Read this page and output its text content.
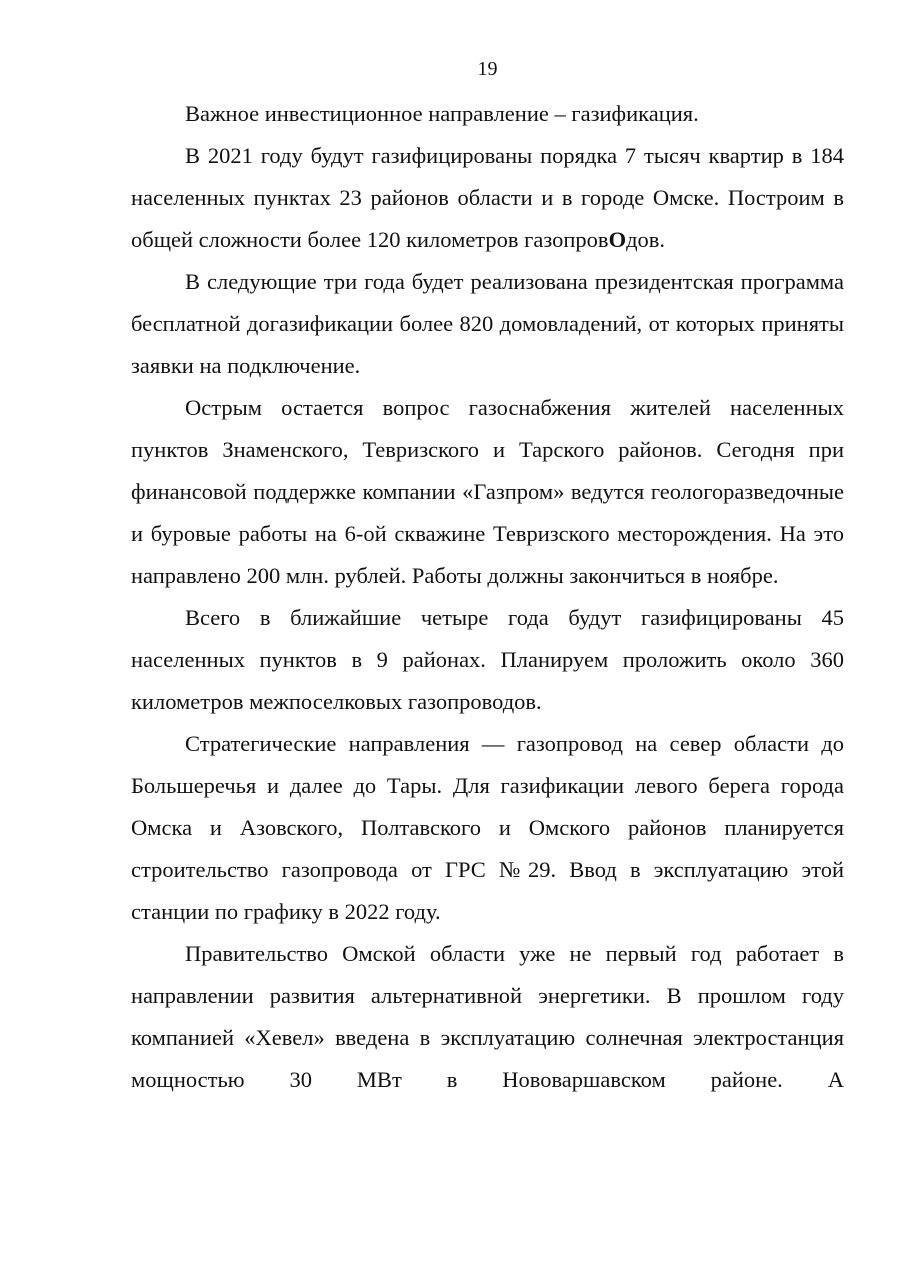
19

Важное инвестиционное направление – газификация.

В 2021 году будут газифицированы порядка 7 тысяч квартир в 184 населенных пунктах 23 районов области и в городе Омске. Построим в общей сложности более 120 километров газопровОдов.

В следующие три года будет реализована президентская программа бесплатной догазификации более 820 домовладений, от которых приняты заявки на подключение.

Острым остается вопрос газоснабжения жителей населенных пунктов Знаменского, Тевризского и Тарского районов. Сегодня при финансовой поддержке компании «Газпром» ведутся геологоразведочные и буровые работы на 6-ой скважине Тевризского месторождения. На это направлено 200 млн. рублей. Работы должны закончиться в ноябре.

Всего в ближайшие четыре года будут газифицированы 45 населенных пунктов в 9 районах. Планируем проложить около 360 километров межпоселковых газопроводов.

Стратегические направления — газопровод на север области до Большеречья и далее до Тары. Для газификации левого берега города Омска и Азовского, Полтавского и Омского районов планируется строительство газопровода от ГРС №29. Ввод в эксплуатацию этой станции по графику в 2022 году.

Правительство Омской области уже не первый год работает в направлении развития альтернативной энергетики. В прошлом году компанией «Хевел» введена в эксплуатацию солнечная электростанция мощностью 30 МВт в Нововаршавском районе. А
